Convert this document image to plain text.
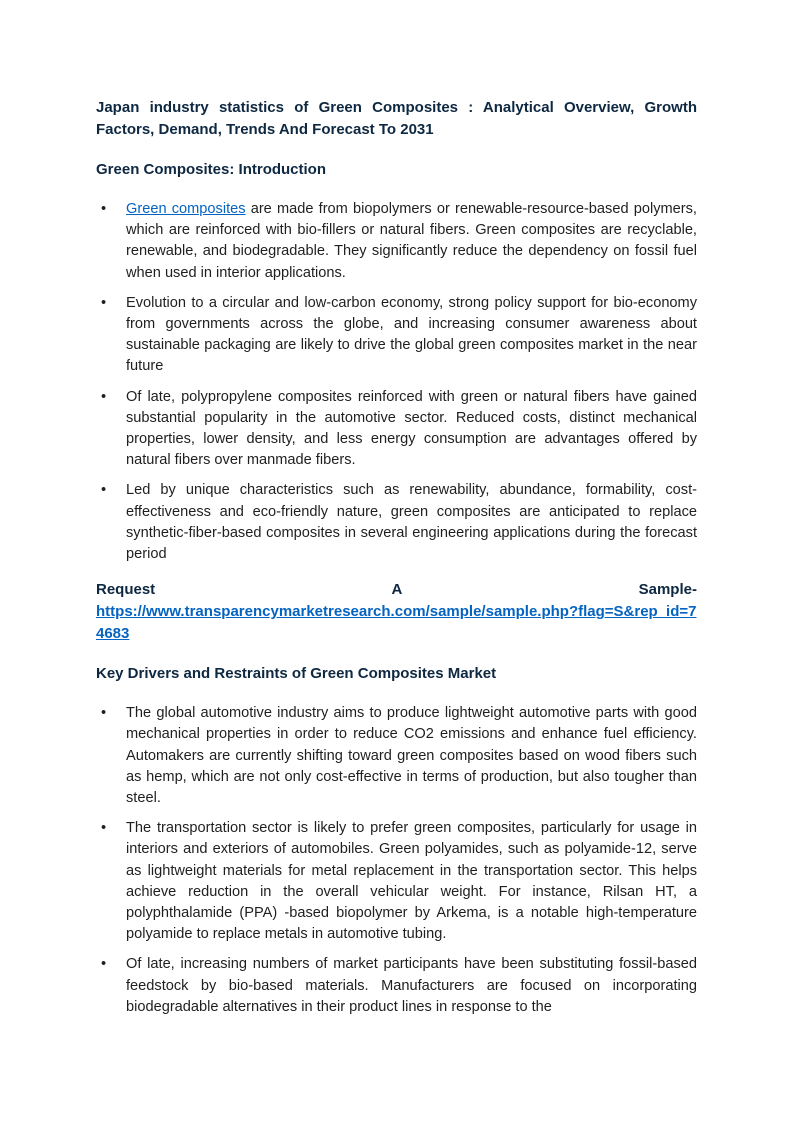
Japan industry statistics of Green Composites : Analytical Overview, Growth Factors, Demand, Trends And Forecast To 2031
Green Composites: Introduction
• Green composites are made from biopolymers or renewable-resource-based polymers, which are reinforced with bio-fillers or natural fibers. Green composites are recyclable, renewable, and biodegradable. They significantly reduce the dependency on fossil fuel when used in interior applications.
• Evolution to a circular and low-carbon economy, strong policy support for bio-economy from governments across the globe, and increasing consumer awareness about sustainable packaging are likely to drive the global green composites market in the near future
• Of late, polypropylene composites reinforced with green or natural fibers have gained substantial popularity in the automotive sector. Reduced costs, distinct mechanical properties, lower density, and less energy consumption are advantages offered by natural fibers over manmade fibers.
• Led by unique characteristics such as renewability, abundance, formability, cost-effectiveness and eco-friendly nature, green composites are anticipated to replace synthetic-fiber-based composites in several engineering applications during the forecast period
Request	A	Sample-
https://www.transparencymarketresearch.com/sample/sample.php?flag=S&rep_id=74683
Key Drivers and Restraints of Green Composites Market
• The global automotive industry aims to produce lightweight automotive parts with good mechanical properties in order to reduce CO2 emissions and enhance fuel efficiency. Automakers are currently shifting toward green composites based on wood fibers such as hemp, which are not only cost-effective in terms of production, but also tougher than steel.
• The transportation sector is likely to prefer green composites, particularly for usage in interiors and exteriors of automobiles. Green polyamides, such as polyamide-12, serve as lightweight materials for metal replacement in the transportation sector. This helps achieve reduction in the overall vehicular weight. For instance, Rilsan HT, a polyphthalamide (PPA) -based biopolymer by Arkema, is a notable high-temperature polyamide to replace metals in automotive tubing.
• Of late, increasing numbers of market participants have been substituting fossil-based feedstock by bio-based materials. Manufacturers are focused on incorporating biodegradable alternatives in their product lines in response to the
